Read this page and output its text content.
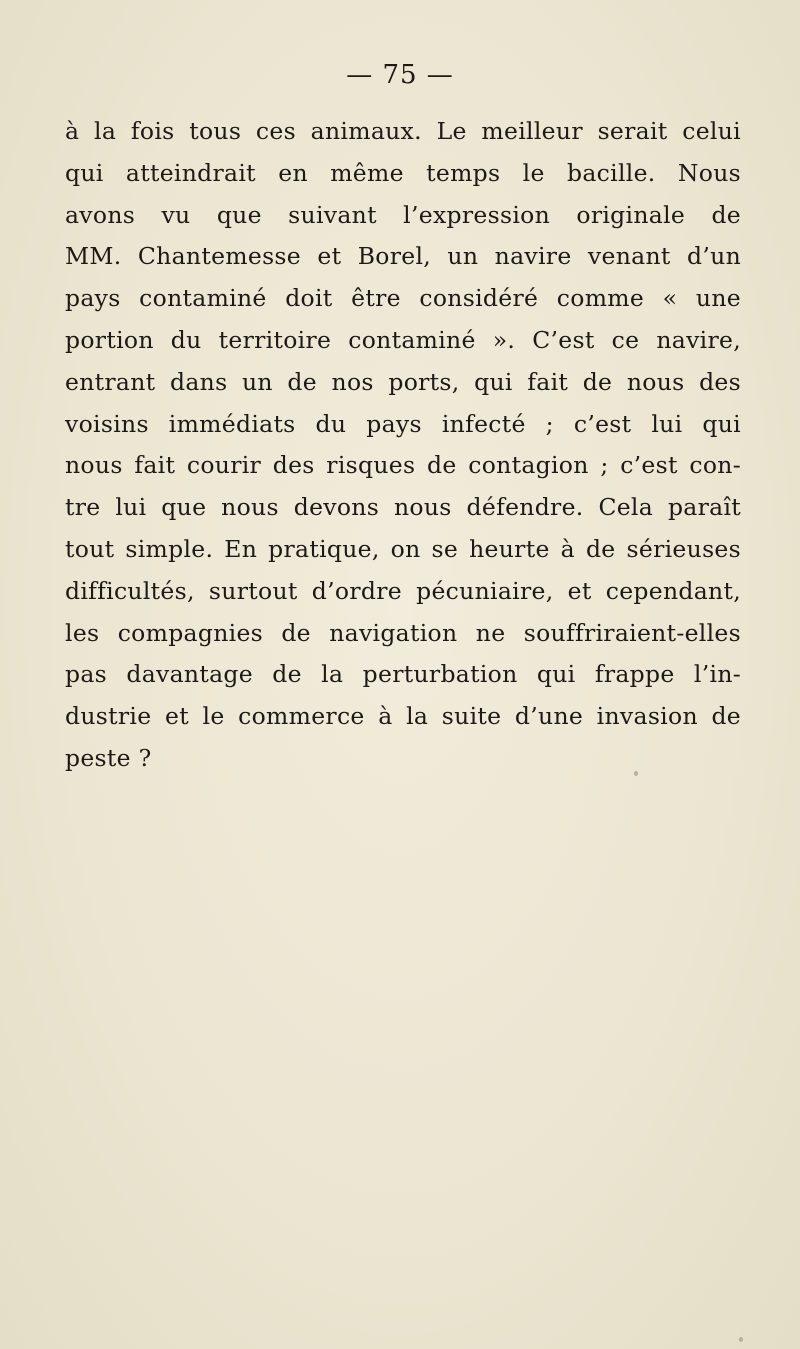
— 75 —
à la fois tous ces animaux. Le meilleur serait celui
qui atteindrait en même temps le bacille. Nous
avons vu que suivant l’expression originale de
MM. Chantemesse et Borel, un navire venant d’un
pays contaminé doit être considéré comme « une
portion du territoire contaminé ». C’est ce navire,
entrant dans un de nos ports, qui fait de nous des
voisins immédiats du pays infecté ; c’est lui qui
nous fait courir des risques de contagion ; c’est con-
tre lui que nous devons nous défendre. Cela paraît
tout simple. En pratique, on se heurte à de sérieuses
difficultés, surtout d’ordre pécuniaire, et cependant,
les compagnies de navigation ne souffriraient-elles
pas davantage de la perturbation qui frappe l’in-
dustrie et le commerce à la suite d’une invasion de
peste ?
